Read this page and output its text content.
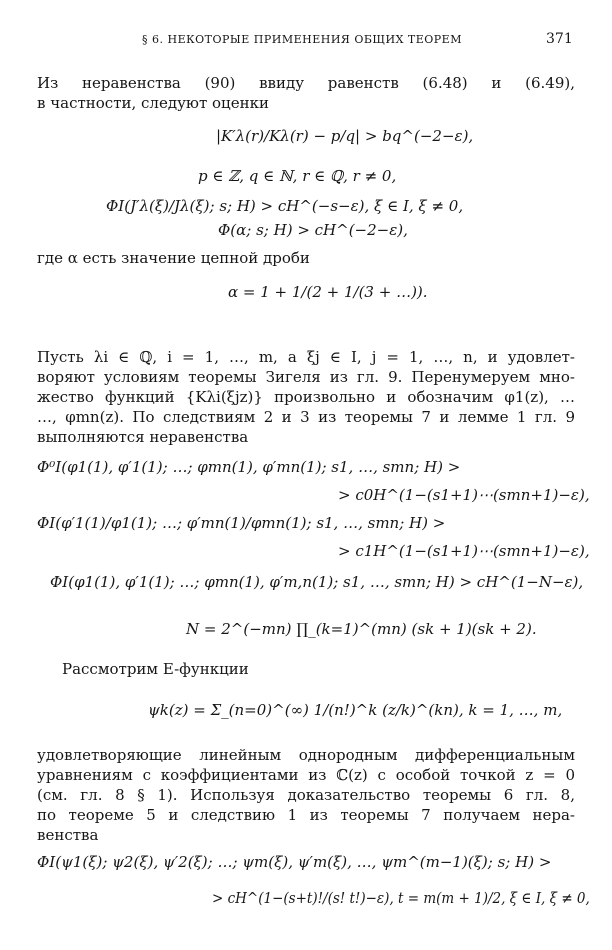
§ 6. НЕКОТОРЫЕ ПРИМЕНЕНИЯ ОБЩИХ ТЕОРЕМ	371
Из неравенства (90) ввиду равенств (6.48) и (6.49),
в частности, следуют оценки
|K′λ(r)/Kλ(r) − p/q| > bq^(−2−ε),
p ∈ ℤ, q ∈ ℕ, r ∈ ℚ, r ≠ 0,
ΦI(J′λ(ξ)/Jλ(ξ); s; H) > cH^(−s−ε), ξ ∈ I, ξ ≠ 0,
Φ(α; s; H) > cH^(−2−ε),
где α есть значение цепной дроби
α = 1 + 1/(2 + 1/(3 + …)).
Пусть λi ∈ ℚ, i = 1, …, m, а ξj ∈ I, j = 1, …, n, и удовлет-
воряют условиям теоремы Зигеля из гл. 9. Перенумеруем мно-
жество функций {Kλi(ξjz)} произвольно и обозначим φ1(z), …
…, φmn(z). По следствиям 2 и 3 из теоремы 7 и лемме 1 гл. 9
выполняются неравенства
Φ⁰I(φ1(1), φ′1(1); …; φmn(1), φ′mn(1); s1, …, smn; H) >
> c0H^(1−(s1+1)⋯(smn+1)−ε),
ΦI(φ′1(1)/φ1(1); …; φ′mn(1)/φmn(1); s1, …, smn; H) >
> c1H^(1−(s1+1)⋯(smn+1)−ε),
ΦI(φ1(1), φ′1(1); …; φmn(1), φ′m,n(1); s1, …, smn; H) > cH^(1−N−ε),
N = 2^(−mn) ∏_(k=1)^(mn) (sk + 1)(sk + 2).
Рассмотрим E-функции
ψk(z) = Σ_(n=0)^(∞) 1/(n!)^k (z/k)^(kn), k = 1, …, m,
удовлетворяющие линейным однородным дифференциальным
уравнениям с коэффициентами из ℂ(z) с особой точкой z = 0
(см. гл. 8 § 1). Используя доказательство теоремы 6 гл. 8,
по теореме 5 и следствию 1 из теоремы 7 получаем нера-
венства
ΦI(ψ1(ξ); ψ2(ξ), ψ′2(ξ); …; ψm(ξ), ψ′m(ξ), …, ψm^(m−1)(ξ); s; H) >
> cH^(1−(s+t)!/(s! t!)−ε), t = m(m + 1)/2, ξ ∈ I, ξ ≠ 0,
